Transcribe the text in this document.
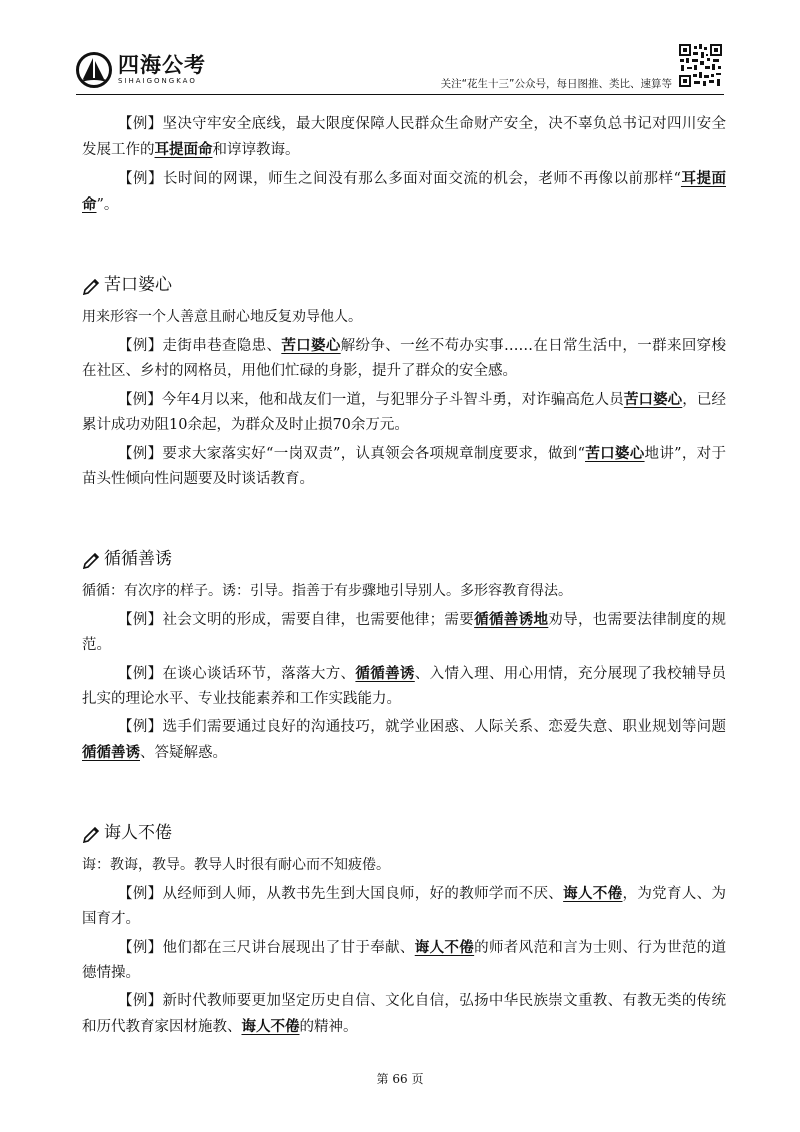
四海公考
SIHAIGONGKAO	关注“花生十三”公众号，每日图推、类比、速算等

【例】坚决守牢安全底线，最大限度保障人民群众生命财产安全，决不辜负总书记对四川安全发展工作的耳提面命和谆谆教诲。

【例】长时间的网课，师生之间没有那么多面对面交流的机会，老师不再像以前那样“耳提面命”。

苦口婆心

用来形容一个人善意且耐心地反复劝导他人。

【例】走街串巷查隐患、苦口婆心解纷争、一丝不苟办实事……在日常生活中，一群来回穿梭在社区、乡村的网格员，用他们忙碌的身影，提升了群众的安全感。

【例】今年4月以来，他和战友们一道，与犯罪分子斗智斗勇，对诈骗高危人员苦口婆心，已经累计成功劝阻10余起，为群众及时止损70余万元。

【例】要求大家落实好“一岗双责”，认真领会各项规章制度要求，做到“苦口婆心地讲”，对于苗头性倾向性问题要及时谈话教育。

循循善诱

循循：有次序的样子。诱：引导。指善于有步骤地引导别人。多形容教育得法。

【例】社会文明的形成，需要自律，也需要他律；需要循循善诱地劝导，也需要法律制度的规范。

【例】在谈心谈话环节，落落大方、循循善诱、入情入理、用心用情，充分展现了我校辅导员扎实的理论水平、专业技能素养和工作实践能力。

【例】选手们需要通过良好的沟通技巧，就学业困惑、人际关系、恋爱失意、职业规划等问题循循善诱、答疑解惑。

诲人不倦

诲：教诲，教导。教导人时很有耐心而不知疲倦。

【例】从经师到人师，从教书先生到大国良师，好的教师学而不厌、诲人不倦，为党育人、为国育才。

【例】他们都在三尺讲台展现出了甘于奉献、诲人不倦的师者风范和言为士则、行为世范的道德情操。

【例】新时代教师要更加坚定历史自信、文化自信，弘扬中华民族崇文重教、有教无类的传统和历代教育家因材施教、诲人不倦的精神。

第 66 页
